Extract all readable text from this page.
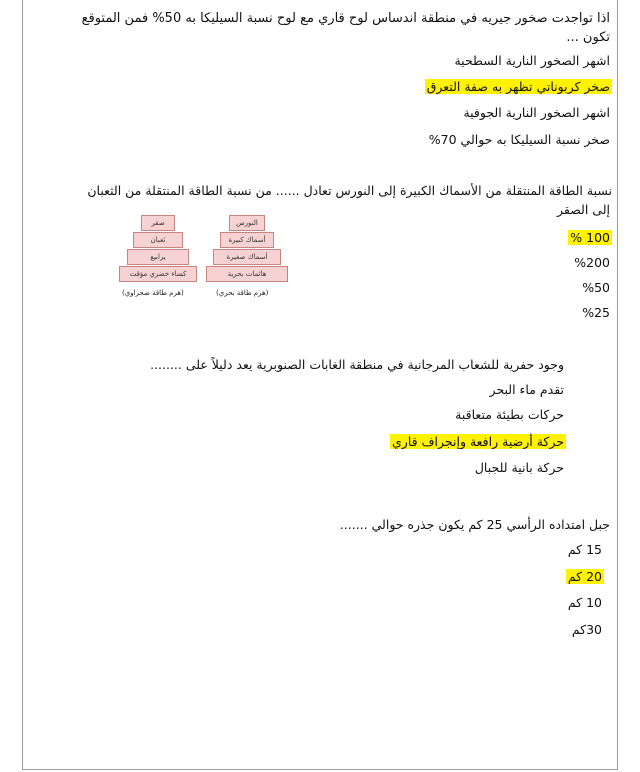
اذا تواجدت صخور جيريه في منطقة اندساس لوح قاري مع لوح نسبة السيليكا به 50% فمن المتوقع
تكون ...
اشهر الصخور النارية السطحية
صخر كربوناتي تظهر به صفة التعرق
اشهر الصخور النارية الجوفية
صخر نسبة السيليكا به حوالي 70%
نسبة الطاقة المنتقلة من الأسماك الكبيرة إلى النورس تعادل ...... من نسبة الطاقة المنتقلة من الثعبان
إلى الصقر
100 %
%200
%50
%25
صقر
ثعبان
يرابيع
كساء خضري مؤقت
(هرم طاقة صحراوي)
النورس
أسماك كبيرة
أسماك صغيرة
هائمات بحرية
(هرم طاقة بحري)
وجود حفرية للشعاب المرجانية في منطقة الغابات الصنوبرية يعد دليلاً على ........
تقدم ماء البحر
حركات بطيئة متعاقبة
حركة أرضية رافعة وإنجراف قاري
حركة بانية للجبال
جبل امتداده الرأسي 25 كم يكون جذره حوالي .......
15 كم
20 كم
10 كم
30كم
